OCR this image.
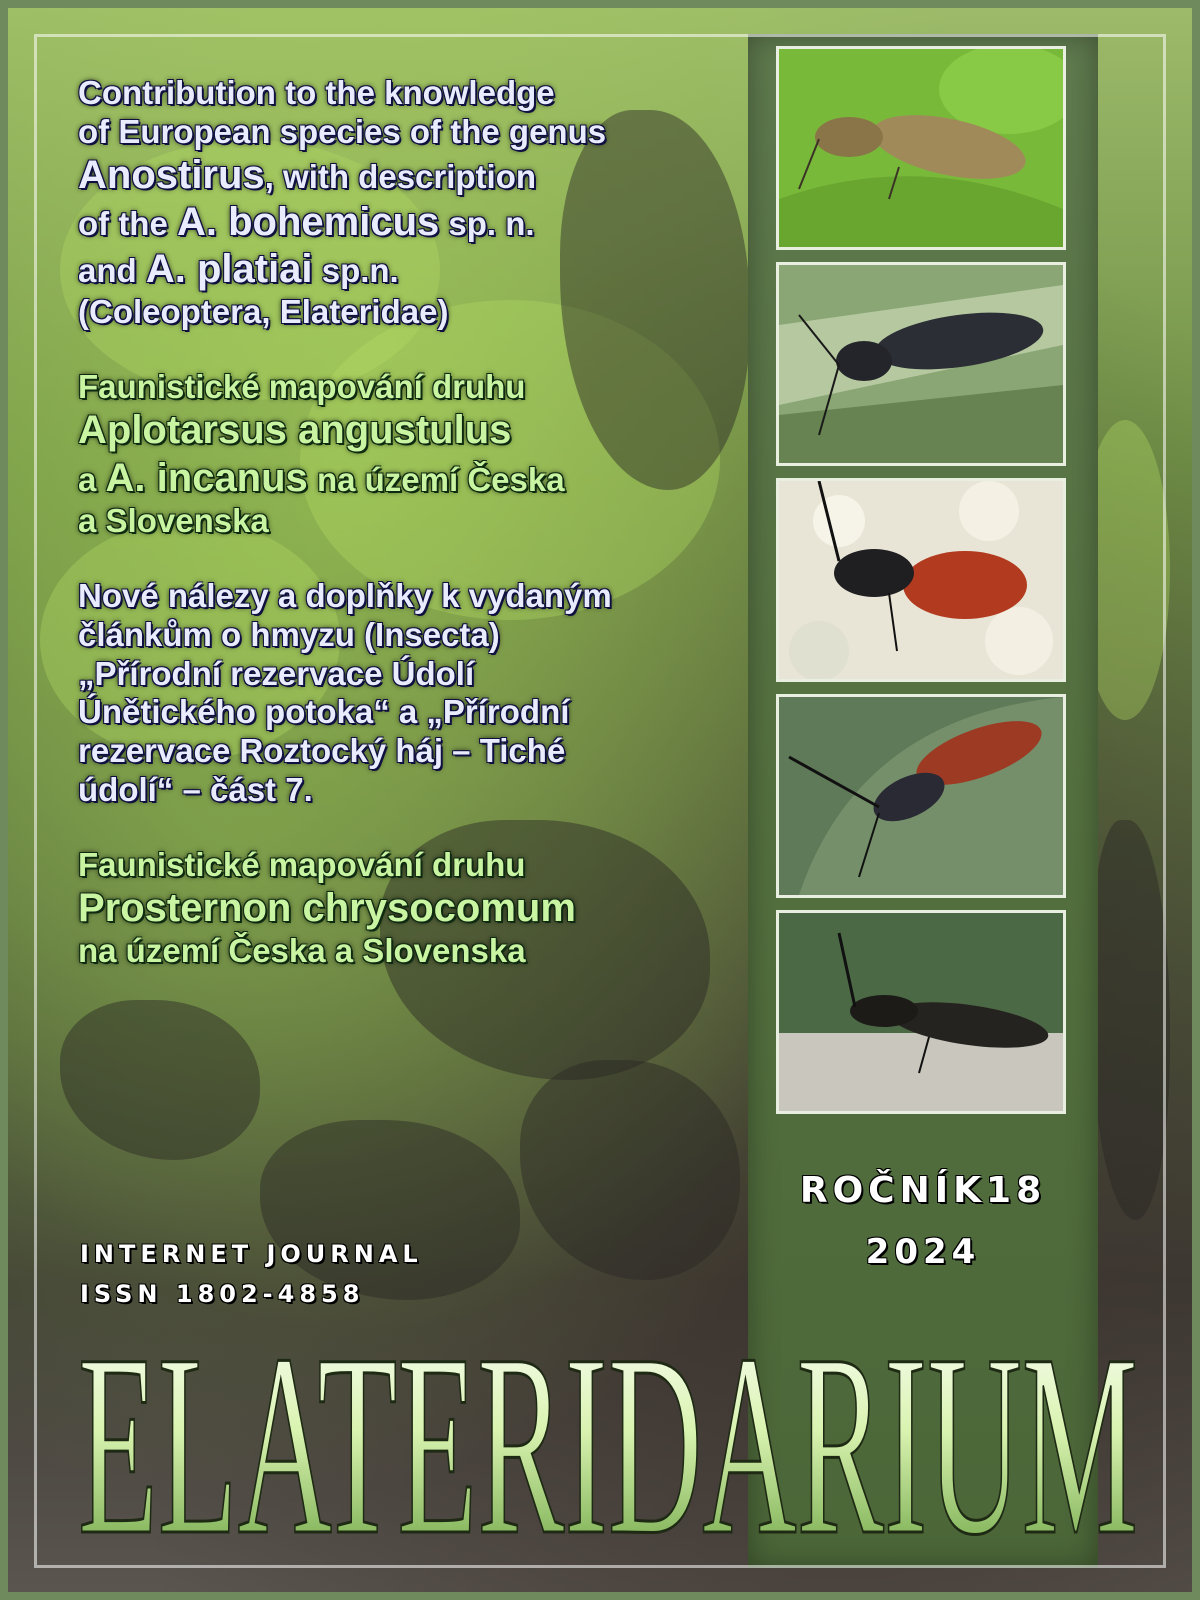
Contribution to the knowledge
of European species of the genus
Anostirus, with description
of the A. bohemicus sp. n.
and A. platiai sp.n.
(Coleoptera, Elateridae)
Faunistické mapování druhu
Aplotarsus angustulus
a A. incanus na území Česka
a Slovenska
Nové nálezy a doplňky k vydaným
článkům o hmyzu (Insecta)
„Přírodní rezervace Údolí
Únětického potoka“ a „Přírodní
rezervace Roztocký háj – Tiché
údolí“ – část 7.
Faunistické mapování druhu
Prosternon chrysocomum
na území Česka a Slovenska
ROČNÍK18
2024
INTERNET JOURNAL
ISSN 1802-4858
ELATERIDARIUM
